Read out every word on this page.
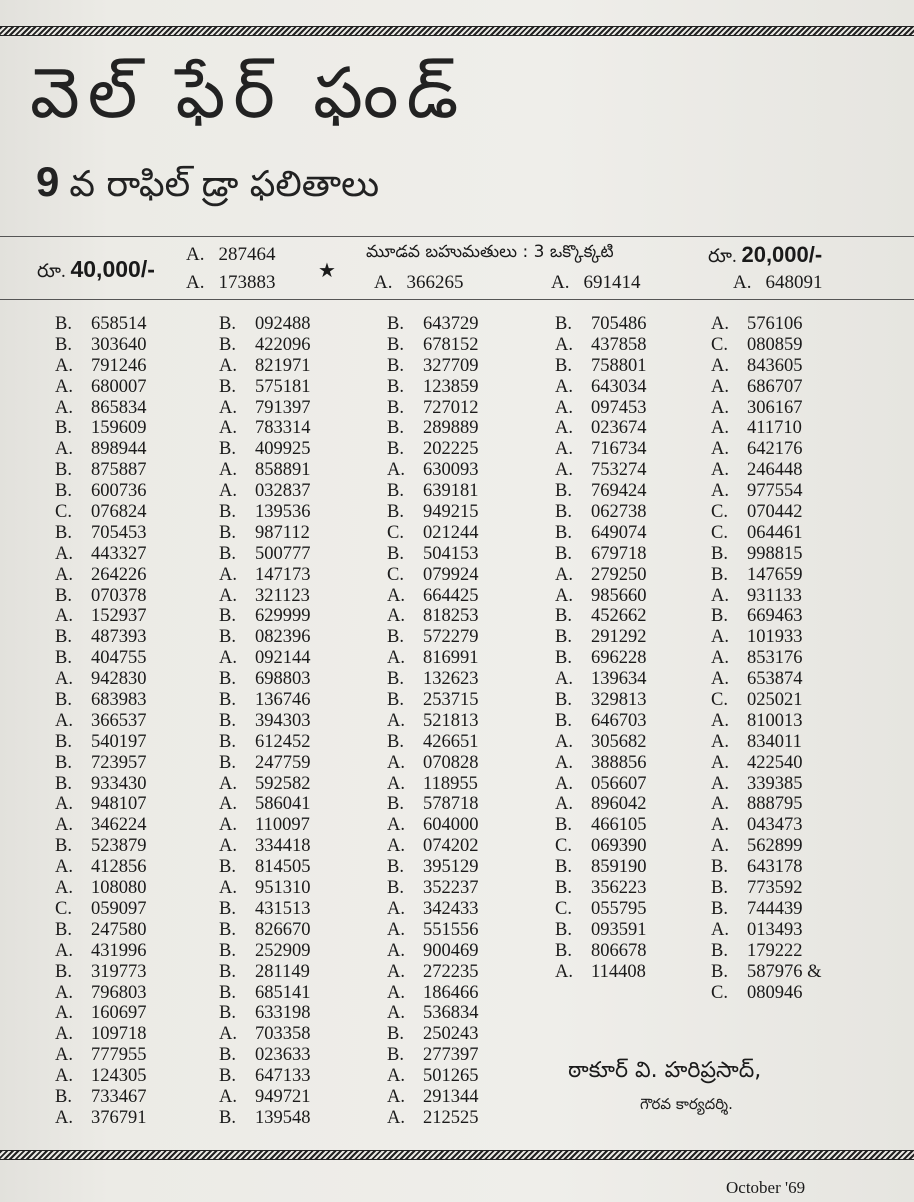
వెల్ ఫేర్ ఫండ్
9 వ రాఫిల్ డ్రా ఫలితాలు
రూ. 40,000/-
A. 287464
A. 173883
★
మూడవ బహుమతులు : 3 ఒక్కొక్కటి	రూ. 20,000/-
A. 366265	A. 691414	A. 648091
B.	658514
B.	303640
A. 791246
A. 680007
A. 865834
B.	159609
A. 898944
B.	875887
B.	600736
C.	076824
B.	705453
A. 443327
A. 264226
B.	070378
A. 152937
B.	487393
B.	404755
A. 942830
B.	683983
A. 366537
B.	540197
B.	723957
B.	933430
A. 948107
A. 346224
B.	523879
A. 412856
A. 108080
C.	059097
B.	247580
A. 431996
B.	319773
A. 796803
A. 160697
A. 109718
A. 777955
A. 124305
B.	733467
A. 376791
B.	092488
B.	422096
A. 821971
B.	575181
A. 791397
A. 783314
B.	409925
A. 858891
A. 032837
B.	139536
B.	987112
B.	500777
A. 147173
A. 321123
B.	629999
B.	082396
A. 092144
B.	698803
B.	136746
B.	394303
B.	612452
B.	247759
A. 592582
A. 586041
A. 110097
A. 334418
B.	814505
A. 951310
B.	431513
B.	826670
B.	252909
B.	281149
B.	685141
B.	633198
A. 703358
B.	023633
B.	647133
A. 949721
B.	139548
B.	643729
B.	678152
B.	327709
B.	123859
B.	727012
B.	289889
B.	202225
A. 630093
B.	639181
B.	949215
C.	021244
B.	504153
C.	079924
A. 664425
A. 818253
B.	572279
A. 816991
B.	132623
B.	253715
A. 521813
B.	426651
A. 070828
A. 118955
B.	578718
A. 604000
A. 074202
B.	395129
B.	352237
A. 342433
A. 551556
A. 900469
A. 272235
A. 186466
A. 536834
B.	250243
B.	277397
A. 501265
A. 291344
A. 212525
B.	705486
A. 437858
B.	758801
A. 643034
A. 097453
A. 023674
A. 716734
A. 753274
B.	769424
B.	062738
B.	649074
B.	679718
A. 279250
A. 985660
B.	452662
B.	291292
B.	696228
A. 139634
B.	329813
B.	646703
A. 305682
A. 388856
A. 056607
A. 896042
B.	466105
C.	069390
B.	859190
B.	356223
C.	055795
B.	093591
B.	806678
A. 114408
A. 576106
C.	080859
A. 843605
A. 686707
A. 306167
A. 411710
A. 642176
A. 246448
A. 977554
C.	070442
C.	064461
B.	998815
B.	147659
A. 931133
B.	669463
A. 101933
A. 853176
A. 653874
C.	025021
A. 810013
A. 834011
A. 422540
A. 339385
A. 888795
A. 043473
A. 562899
B.	643178
B.	773592
B.	744439
A. 013493
B.	179222
B.	587976 &
C.	080946
ఠాకూర్ వి. హరిప్రసాద్,
గౌరవ కార్యదర్శి.
October '69
